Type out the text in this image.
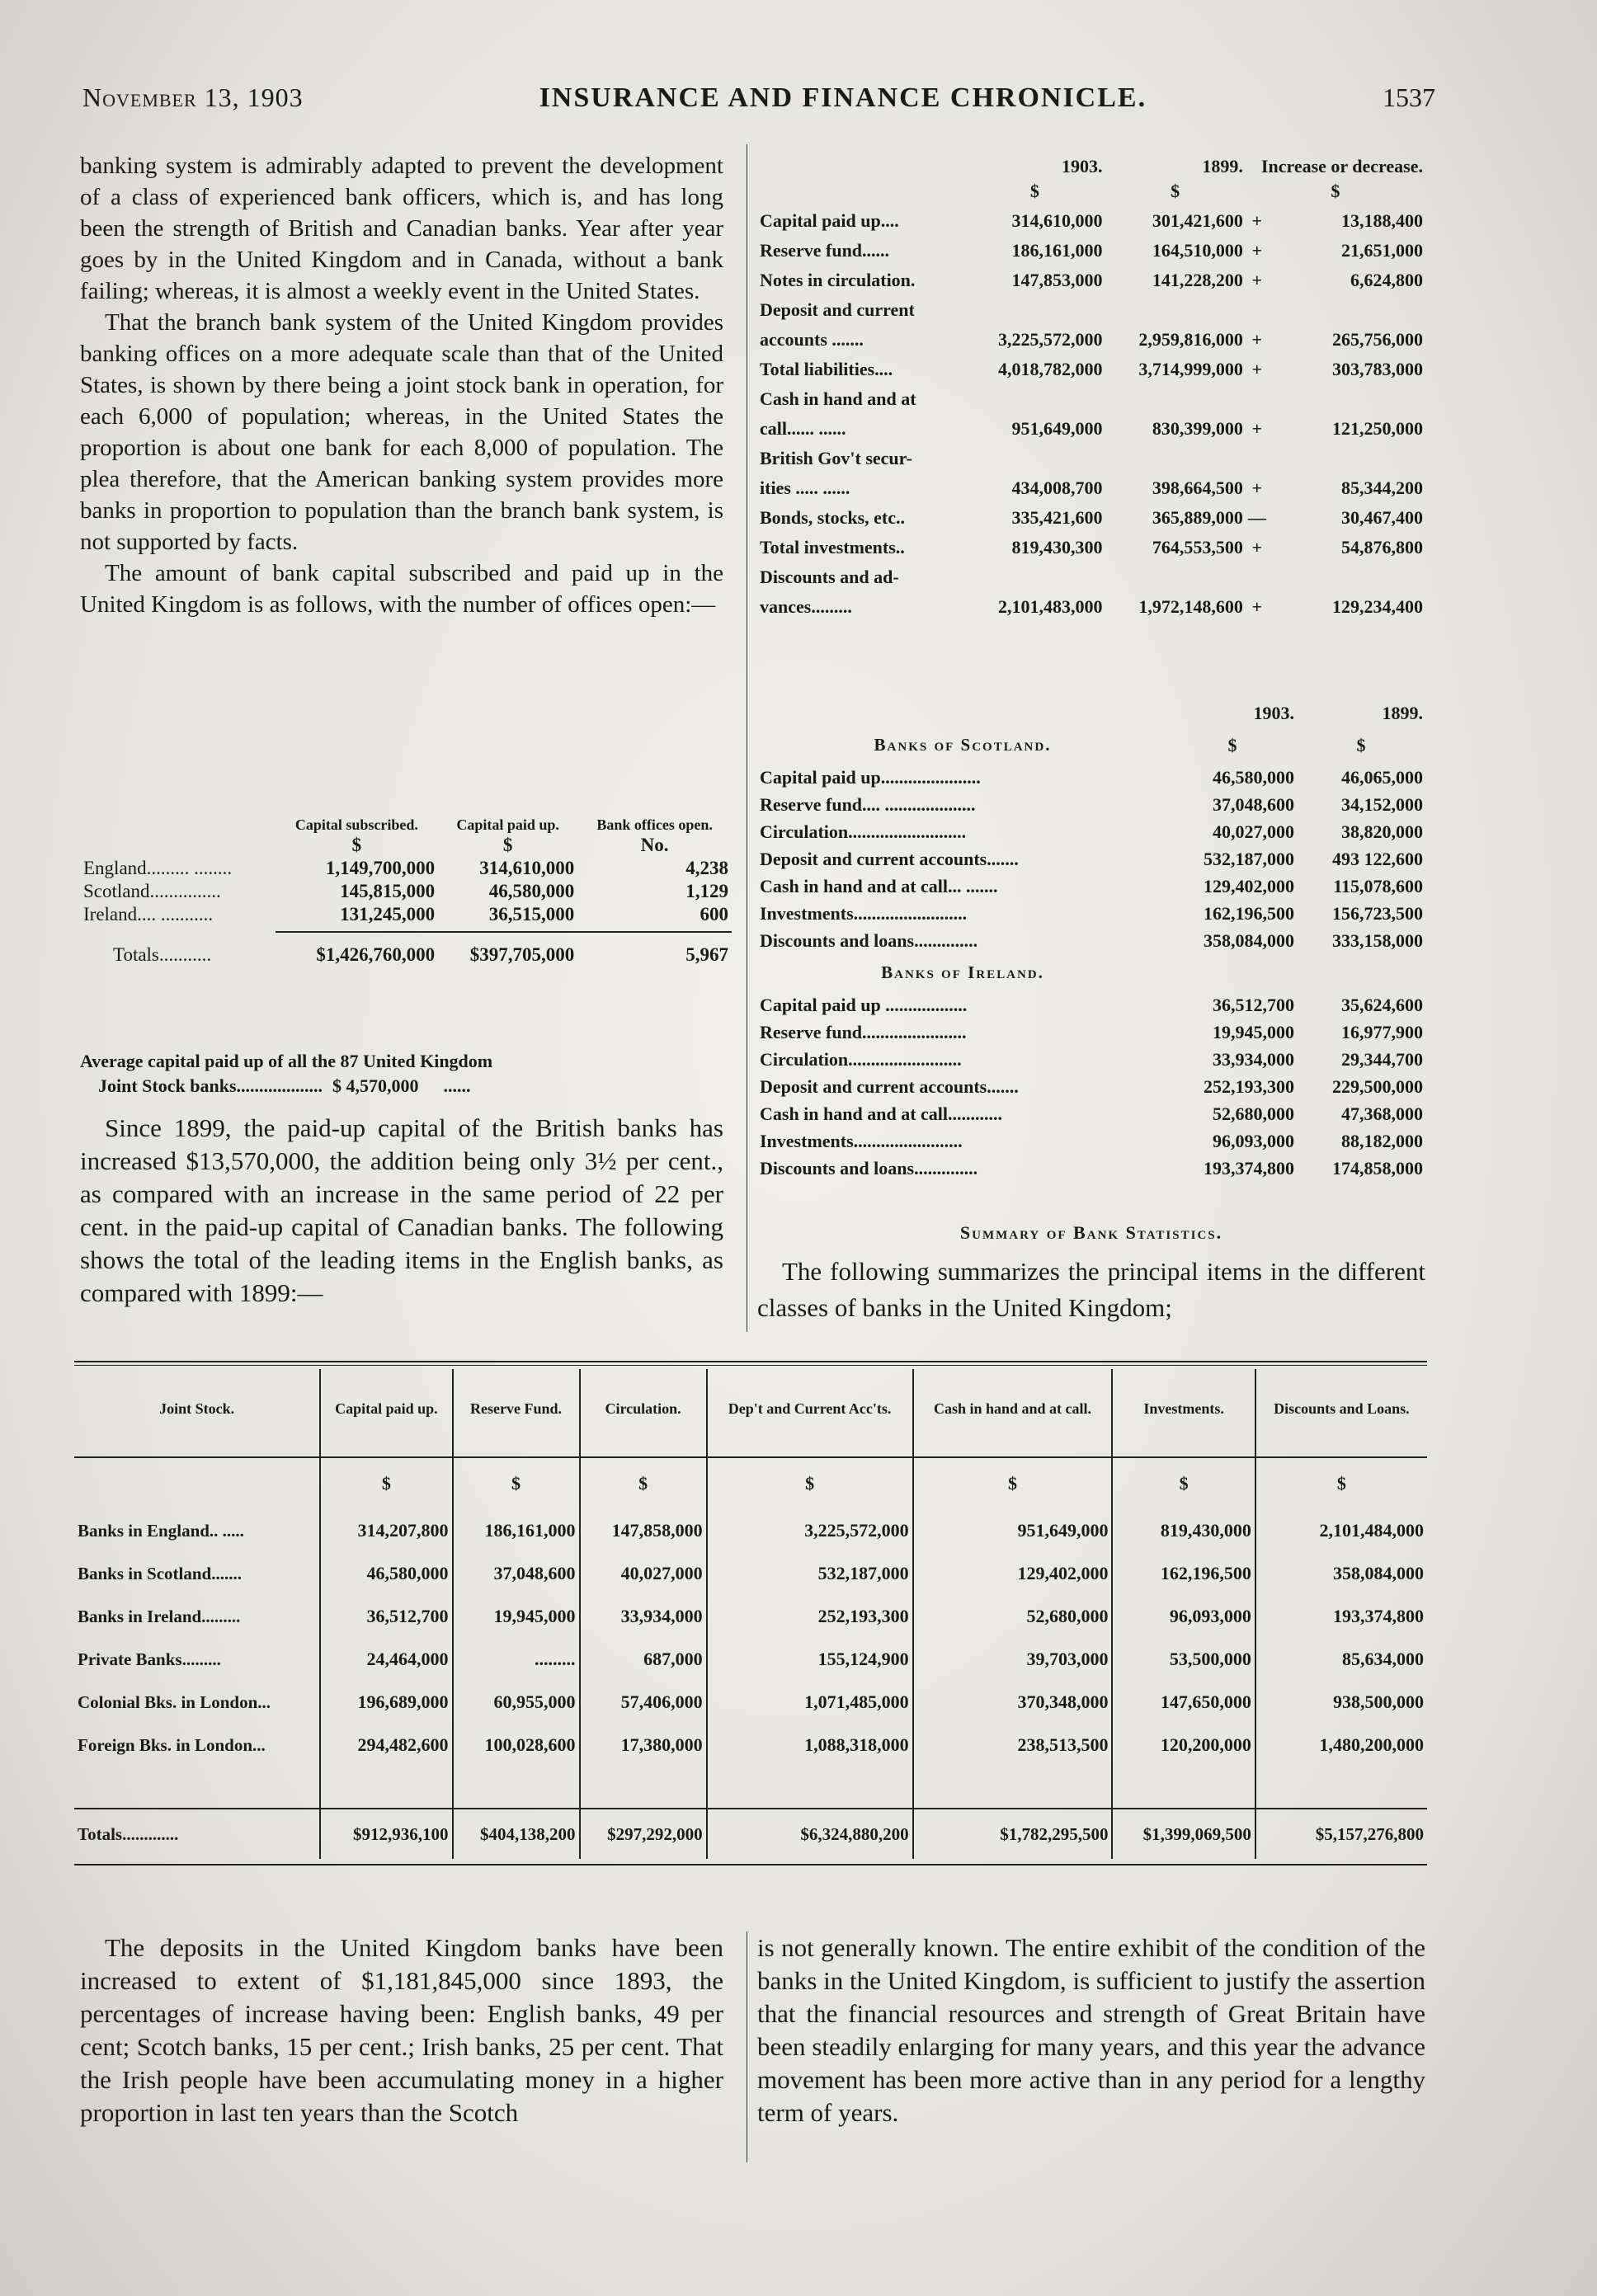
November 13, 1903	INSURANCE AND FINANCE CHRONICLE.	1537

banking system is admirably adapted to prevent the development of a class of experienced bank officers, which is, and has long been the strength of British and Canadian banks. Year after year goes by in the United Kingdom and in Canada, without a bank failing; whereas, it is almost a weekly event in the United States.

That the branch bank system of the United Kingdom provides banking offices on a more adequate scale than that of the United States, is shown by there being a joint stock bank in operation, for each 6,000 of population; whereas, in the United States the proportion is about one bank for each 8,000 of population. The plea therefore, that the American banking system provides more banks in proportion to population than the branch bank system, is not supported by facts.

The amount of bank capital subscribed and paid up in the United Kingdom is as follows, with the number of offices open:—

	Capital subscribed.	Capital paid up.	Bank offices open.
	$	$	No.
England......... ........	1,149,700,000	314,610,000	4,238
Scotland...............	145,815,000	46,580,000	1,129
Ireland.... ...........	131,245,000	36,515,000	600

Totals...........	$1,426,760,000	$397,705,000	5,967
Average capital paid up of all the 87 United Kingdom
Joint Stock banks ................... $ 4,570,000 ......

Since 1899, the paid-up capital of the British banks has increased $13,570,000, the addition being only 3½ per cent., as compared with an increase in the same period of 22 per cent. in the paid-up capital of Canadian banks. The following shows the total of the leading items in the English banks, as compared with 1899:—

	1903.	1899.	Increase or decrease.	
	$	$	$	
Capital paid up....	314,610,000	301,421,600	+	13,188,400
Reserve fund......	186,161,000	164,510,000	+	21,651,000
Notes in circulation.	147,853,000	141,228,200	+	6,624,800
Deposit and current				
accounts .......	3,225,572,000	2,959,816,000	+	265,756,000
Total liabilities....	4,018,782,000	3,714,999,000	+	303,783,000
Cash in hand and at				
call...... ......	951,649,000	830,399,000	+	121,250,000
British Gov't secur-				
ities ..... ......	434,008,700	398,664,500	+	85,344,200
Bonds, stocks, etc..	335,421,600	365,889,000	—	30,467,400
Total investments..	819,430,300	764,553,500	+	54,876,800
Discounts and ad-				
vances.........	2,101,483,000	1,972,148,600	+	129,234,400
	1903.	1899.
Banks of Scotland.	$	$
Capital paid up......................	46,580,000	46,065,000
Reserve fund.... ....................	37,048,600	34,152,000
Circulation..........................	40,027,000	38,820,000
Deposit and current accounts.......	532,187,000	493 122,600
Cash in hand and at call... .......	129,402,000	115,078,600
Investments.........................	162,196,500	156,723,500
Discounts and loans..............	358,084,000	333,158,000
Banks of Ireland.		
Capital paid up ..................	36,512,700	35,624,600
Reserve fund.......................	19,945,000	16,977,900
Circulation.........................	33,934,000	29,344,700
Deposit and current accounts.......	252,193,300	229,500,000
Cash in hand and at call............	52,680,000	47,368,000
Investments........................	96,093,000	88,182,000
Discounts and loans..............	193,374,800	174,858,000
Summary of Bank Statistics.

The following summarizes the principal items in the different classes of banks in the United Kingdom;

Joint Stock.	Capital paid up.	Reserve Fund.	Circulation.	Dep't and Current Acc'ts.	Cash in hand and at call.	Investments.	Discounts and Loans.

	$	$	$	$	$	$	$
Banks in England.. .....	314,207,800	186,161,000	147,858,000	3,225,572,000	951,649,000	819,430,000	2,101,484,000
Banks in Scotland.......	46,580,000	37,048,600	40,027,000	532,187,000	129,402,000	162,196,500	358,084,000
Banks in Ireland.........	36,512,700	19,945,000	33,934,000	252,193,300	52,680,000	96,093,000	193,374,800
Private Banks.........	24,464,000	.........	687,000	155,124,900	39,703,000	53,500,000	85,634,000
Colonial Bks. in London...	196,689,000	60,955,000	57,406,000	1,071,485,000	370,348,000	147,650,000	938,500,000
Foreign Bks. in London...	294,482,600	100,028,600	17,380,000	1,088,318,000	238,513,500	120,200,000	1,480,200,000

Totals.............	$912,936,100	$404,138,200	$297,292,000	$6,324,880,200	$1,782,295,500	$1,399,069,500	$5,157,276,800

The deposits in the United Kingdom banks have been increased to extent of $1,181,845,000 since 1893, the percentages of increase having been: English banks, 49 per cent; Scotch banks, 15 per cent.; Irish banks, 25 per cent. That the Irish people have been accumulating money in a higher proportion in last ten years than the Scotch

is not generally known. The entire exhibit of the condition of the banks in the United Kingdom, is sufficient to justify the assertion that the financial resources and strength of Great Britain have been steadily enlarging for many years, and this year the advance movement has been more active than in any period for a lengthy term of years.
